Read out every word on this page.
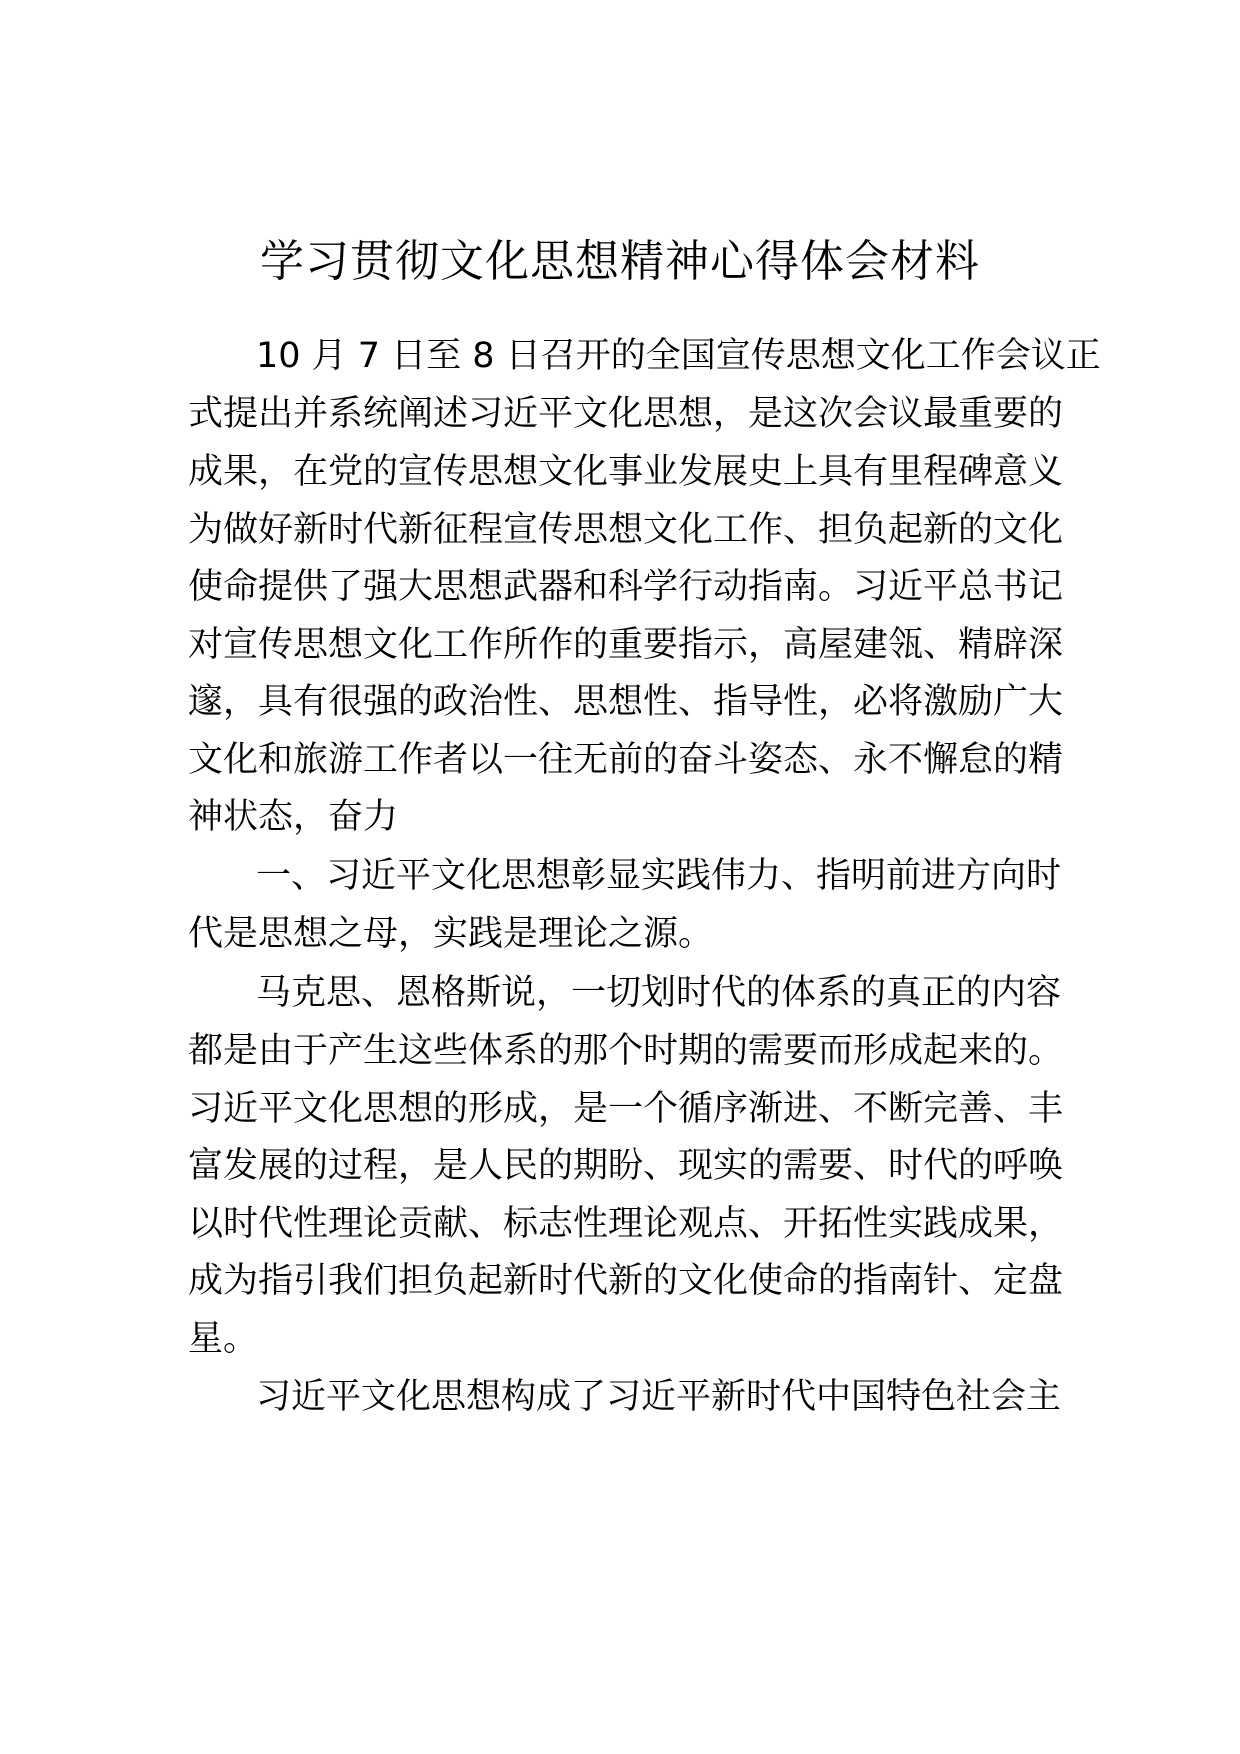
学习贯彻文化思想精神心得体会材料

10 月 7 日至 8 日召开的全国宣传思想文化工作会议正

式提出并系统阐述习近平文化思想，是这次会议最重要的

成果，在党的宣传思想文化事业发展史上具有里程碑意义

为做好新时代新征程宣传思想文化工作、担负起新的文化

使命提供了强大思想武器和科学行动指南。习近平总书记

对宣传思想文化工作所作的重要指示，高屋建瓴、精辟深

邃，具有很强的政治性、思想性、指导性，必将激励广大

文化和旅游工作者以一往无前的奋斗姿态、永不懈怠的精

神状态，奋力

一、习近平文化思想彰显实践伟力、指明前进方向时

代是思想之母，实践是理论之源。

马克思、恩格斯说，一切划时代的体系的真正的内容

都是由于产生这些体系的那个时期的需要而形成起来的。

习近平文化思想的形成，是一个循序渐进、不断完善、丰

富发展的过程，是人民的期盼、现实的需要、时代的呼唤

以时代性理论贡献、标志性理论观点、开拓性实践成果，

成为指引我们担负起新时代新的文化使命的指南针、定盘

星。

习近平文化思想构成了习近平新时代中国特色社会主
